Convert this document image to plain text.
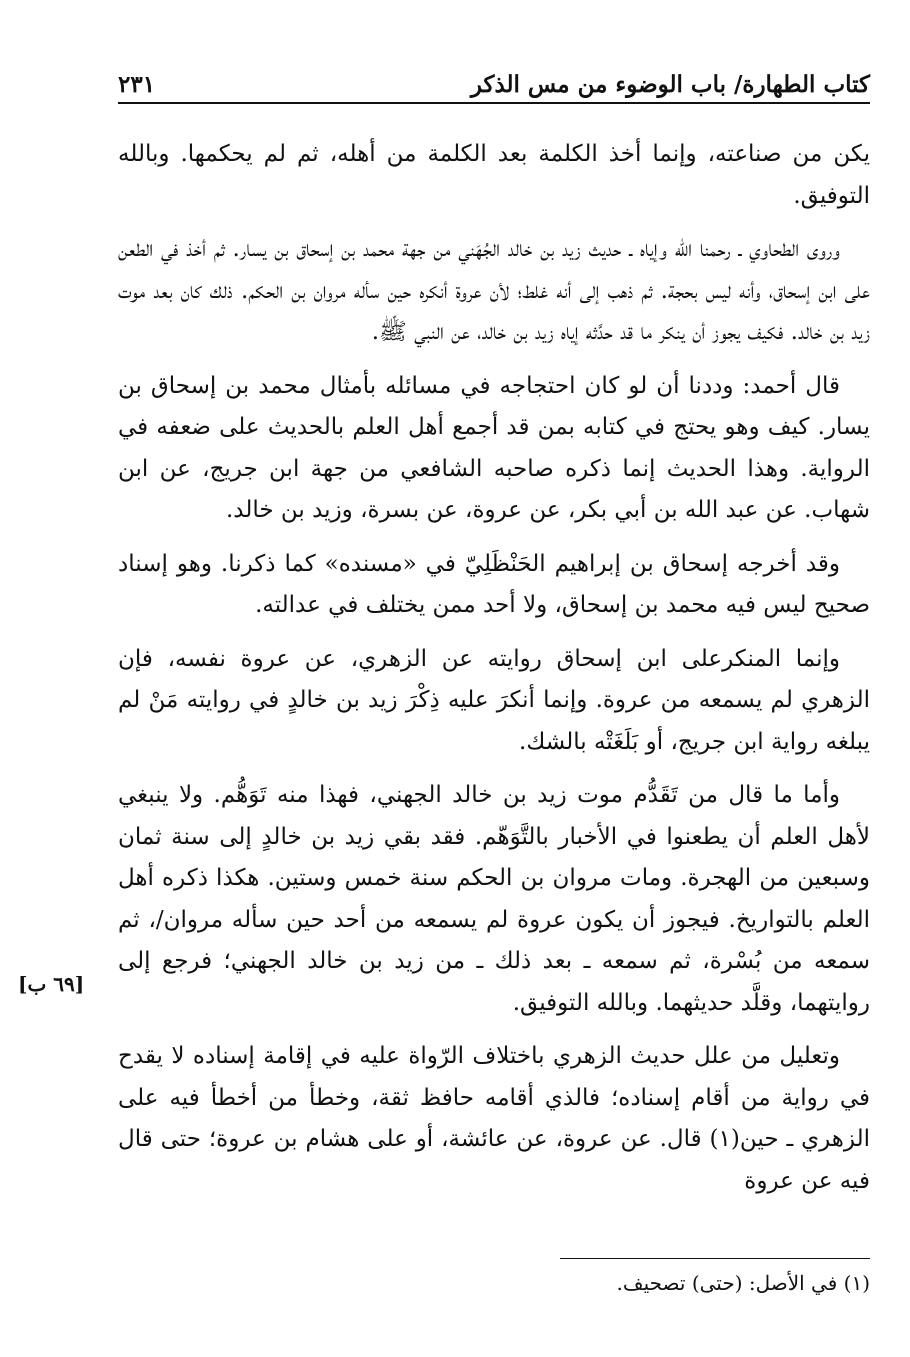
كتاب الطهارة/ باب الوضوء من مس الذكر
٢٣١

يكن من صناعته، وإنما أخذ الكلمة بعد الكلمة من أهله، ثم لم يحكمها. وبالله التوفيق.

وروى الطحاوي ـ رحمنا الله وإياه ـ حديث زيد بن خالد الجُهَني من جهة محمد بن إسحاق بن يسار. ثم أخذ في الطعن على ابن إسحاق، وأنه ليس بحجة. ثم ذهب إلى أنه غلط؛ لأن عروة أنكره حين سأله مروان بن الحكم. ذلك كان بعد موت زيد بن خالد. فكيف يجوز أن ينكر ما قد حدَّثه إياه زيد بن خالد، عن النبي ﷺ.

قال أحمد: وددنا أن لو كان احتجاجه في مسائله بأمثال محمد بن إسحاق بن يسار. كيف وهو يحتج في كتابه بمن قد أجمع أهل العلم بالحديث على ضعفه في الرواية. وهذا الحديث إنما ذكره صاحبه الشافعي من جهة ابن جريج، عن ابن شهاب. عن عبد الله بن أبي بكر، عن عروة، عن بسرة، وزيد بن خالد.

وقد أخرجه إسحاق بن إبراهيم الحَنْظَلِيّ في «مسنده» كما ذكرنا. وهو إسناد صحيح ليس فيه محمد بن إسحاق، ولا أحد ممن يختلف في عدالته.

وإنما المنكرعلى ابن إسحاق روايته عن الزهري، عن عروة نفسه، فإن الزهري لم يسمعه من عروة. وإنما أنكرَ عليه ذِكْرَ زيد بن خالدٍ في روايته مَنْ لم يبلغه رواية ابن جريج، أو بَلَغَتْه بالشك.

وأما ما قال من تَقَدُّم موت زيد بن خالد الجهني، فهذا منه تَوَهُّم. ولا ينبغي لأهل العلم أن يطعنوا في الأخبار بالتَّوَهّم. فقد بقي زيد بن خالدٍ إلى سنة ثمان وسبعين من الهجرة. ومات مروان بن الحكم سنة خمس وستين. هكذا ذكره أهل العلم بالتواريخ. فيجوز أن يكون عروة لم يسمعه من أحد حين سأله مروان/، ثم سمعه من بُسْرة، ثم سمعه ـ بعد ذلك ـ من زيد بن خالد الجهني؛ فرجع إلى روايتهما، وقلَّد حديثهما. وبالله التوفيق.

وتعليل من علل حديث الزهري باختلاف الرّواة عليه في إقامة إسناده لا يقدح في رواية من أقام إسناده؛ فالذي أقامه حافظ ثقة، وخطأ من أخطأ فيه على الزهري ـ حين(١) قال. عن عروة، عن عائشة، أو على هشام بن عروة؛ حتى قال فيه عن عروة

[٦٩ ب]
(١) في الأصل: (حتى) تصحيف.
